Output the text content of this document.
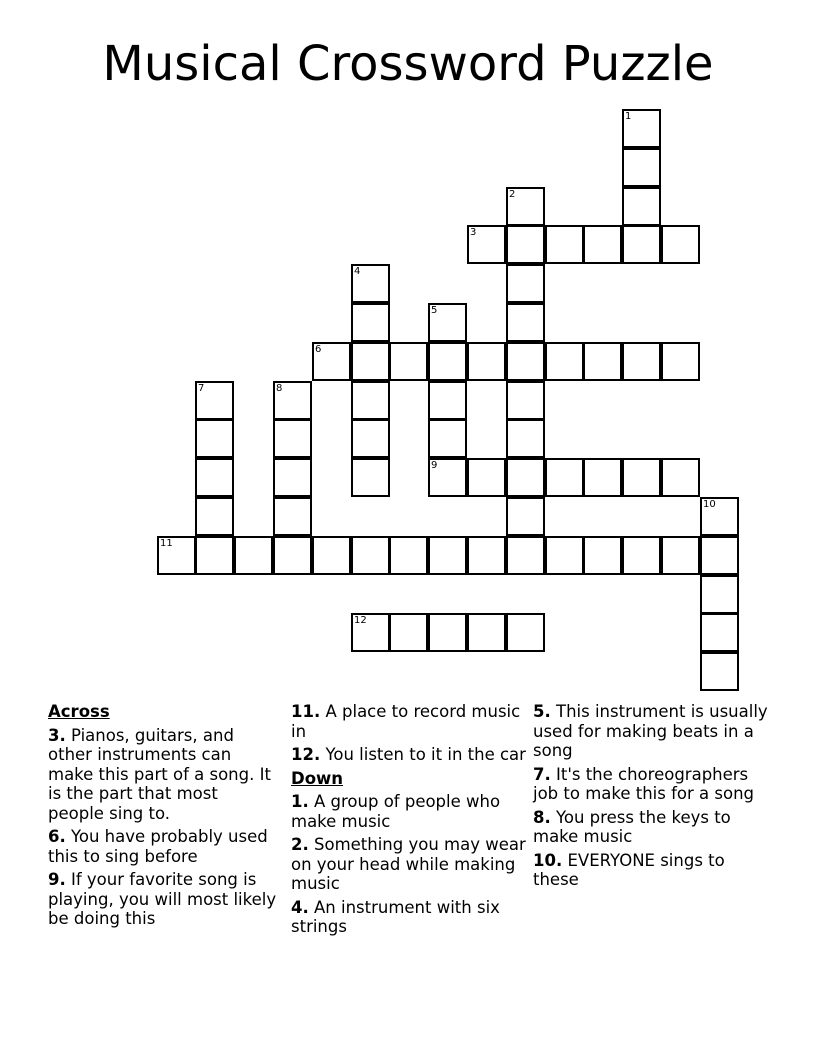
Musical Crossword Puzzle
1
2
3
4
5
9
6
7	8
10
11
12
Across
3. Pianos, guitars, and other instruments can make this part of a song. It is the part that most people sing to.
6. You have probably used this to sing before
9. If your favorite song is playing, you will most likely be doing this
11. A place to record music in
12. You listen to it in the car
Down
1. A group of people who make music
2. Something you may wear on your head while making music
4. An instrument with six strings
5. This instrument is usually used for making beats in a song
7. It's the choreographers job to make this for a song
8. You press the keys to make music
10. EVERYONE sings to these
